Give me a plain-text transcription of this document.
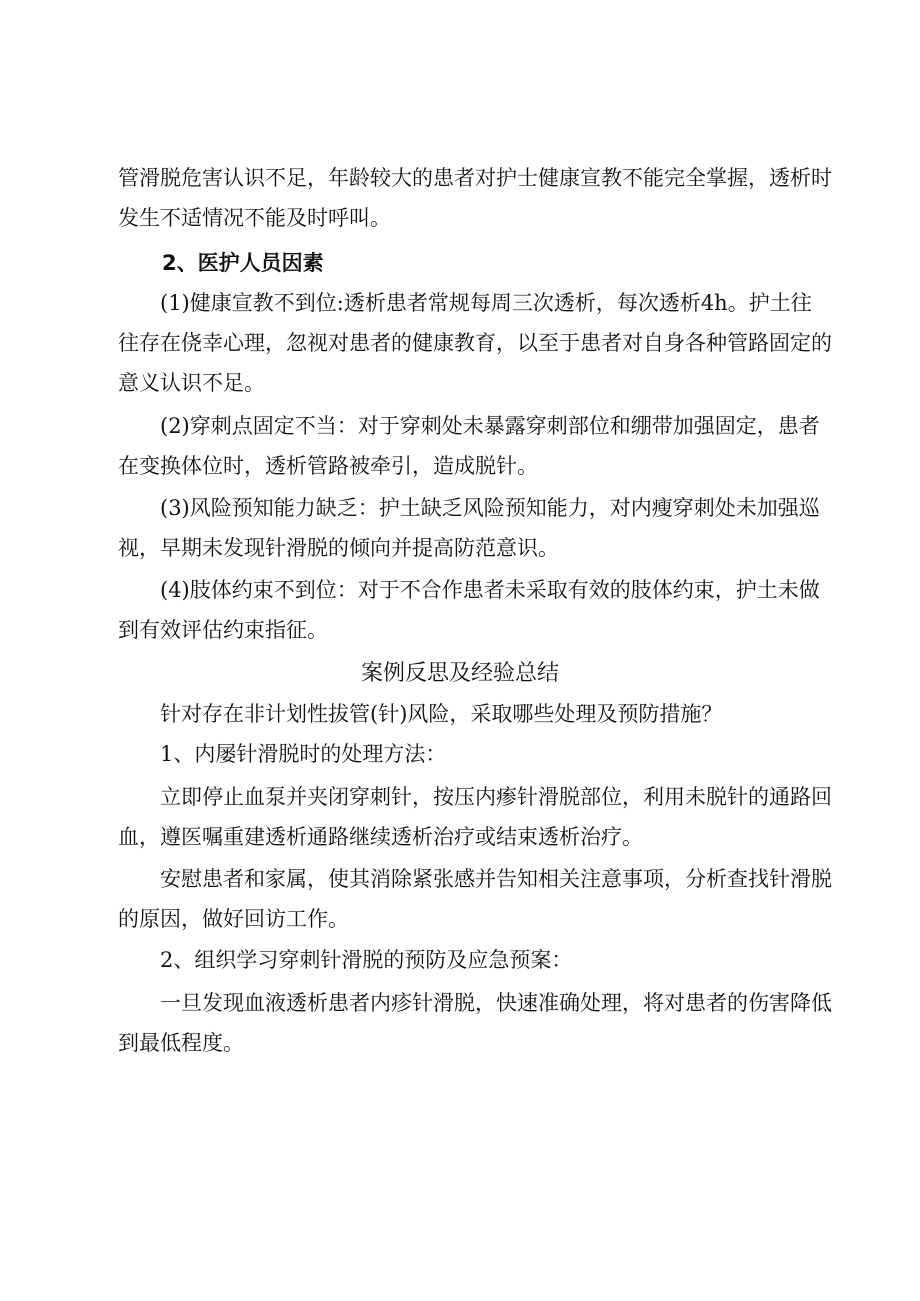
管滑脱危害认识不足，年龄较大的患者对护士健康宣教不能完全掌握，透析时
发生不适情况不能及时呼叫。
2、医护人员因素
(1)健康宣教不到位:透析患者常规每周三次透析，每次透析4h。护土往
往存在侥幸心理，忽视对患者的健康教育，以至于患者对自身各种管路固定的
意义认识不足。
(2)穿刺点固定不当：对于穿刺处未暴露穿刺部位和绷带加强固定，患者
在变换体位时，透析管路被牵引，造成脱针。
(3)风险预知能力缺乏：护土缺乏风险预知能力，对内瘦穿刺处未加强巡
视，早期未发现针滑脱的倾向并提高防范意识。
(4)肢体约束不到位：对于不合作患者未采取有效的肢体约束，护土未做
到有效评估约束指征。
案例反思及经验总结
针对存在非计划性拔管(针)风险，采取哪些处理及预防措施？
1、内屡针滑脱时的处理方法：
立即停止血泵并夹闭穿刺针，按压内瘆针滑脱部位，利用未脱针的通路回
血，遵医嘱重建透析通路继续透析治疗或结束透析治疗。
安慰患者和家属，使其消除紧张感并告知相关注意事项，分析查找针滑脱
的原因，做好回访工作。
2、组织学习穿刺针滑脱的预防及应急预案：
一旦发现血液透析患者内疹针滑脱，快速准确处理，将对患者的伤害降低
到最低程度。
